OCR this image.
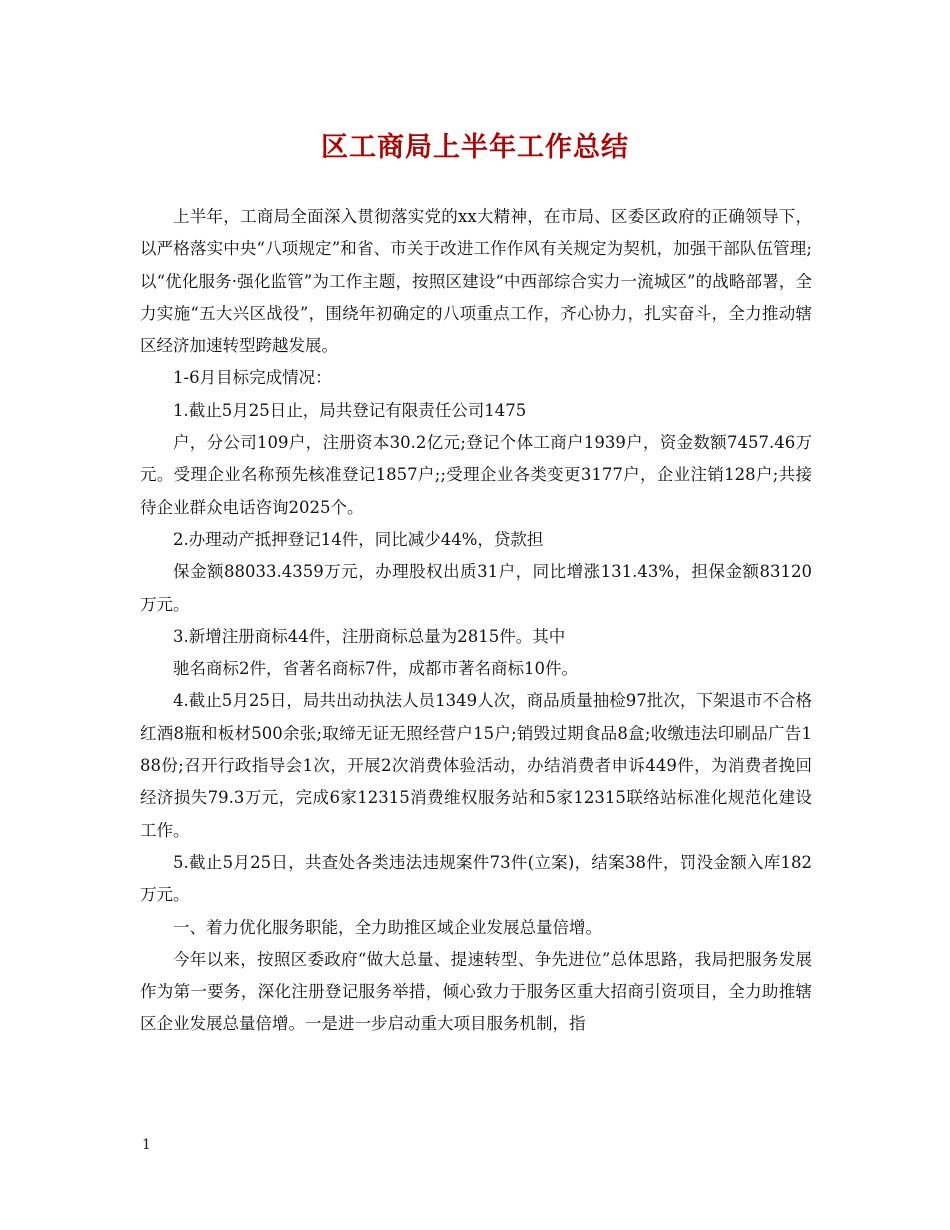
区工商局上半年工作总结

上半年，工商局全面深入贯彻落实党的xx大精神，在市局、区委区政府的正确领导下，以严格落实中央“八项规定”和省、市关于改进工作作风有关规定为契机，加强干部队伍管理;以“优化服务·强化监管”为工作主题，按照区建设“中西部综合实力一流城区”的战略部署，全力实施“五大兴区战役”，围绕年初确定的八项重点工作，齐心协力，扎实奋斗，全力推动辖区经济加速转型跨越发展。

1-6月目标完成情况：

1.截止5月25日止，局共登记有限责任公司1475

户，分公司109户，注册资本30.2亿元;登记个体工商户1939户，资金数额7457.46万元。受理企业名称预先核准登记1857户;;受理企业各类变更3177户，企业注销128户;共接待企业群众电话咨询2025个。

2.办理动产抵押登记14件，同比减少44%，贷款担

保金额88033.4359万元，办理股权出质31户，同比增涨131.43%，担保金额83120万元。

3.新增注册商标44件，注册商标总量为2815件。其中

驰名商标2件，省著名商标7件，成都市著名商标10件。

4.截止5月25日，局共出动执法人员1349人次，商品质量抽检97批次，下架退市不合格红酒8瓶和板材500余张;取缔无证无照经营户15户;销毁过期食品8盒;收缴违法印刷品广告188份;召开行政指导会1次，开展2次消费体验活动，办结消费者申诉449件，为消费者挽回经济损失79.3万元，完成6家12315消费维权服务站和5家12315联络站标准化规范化建设工作。

5.截止5月25日，共查处各类违法违规案件73件(立案)，结案38件，罚没金额入库182万元。

一、着力优化服务职能，全力助推区域企业发展总量倍增。

今年以来，按照区委政府“做大总量、提速转型、争先进位”总体思路，我局把服务发展作为第一要务，深化注册登记服务举措，倾心致力于服务区重大招商引资项目，全力助推辖区企业发展总量倍增。一是进一步启动重大项目服务机制，指

1
